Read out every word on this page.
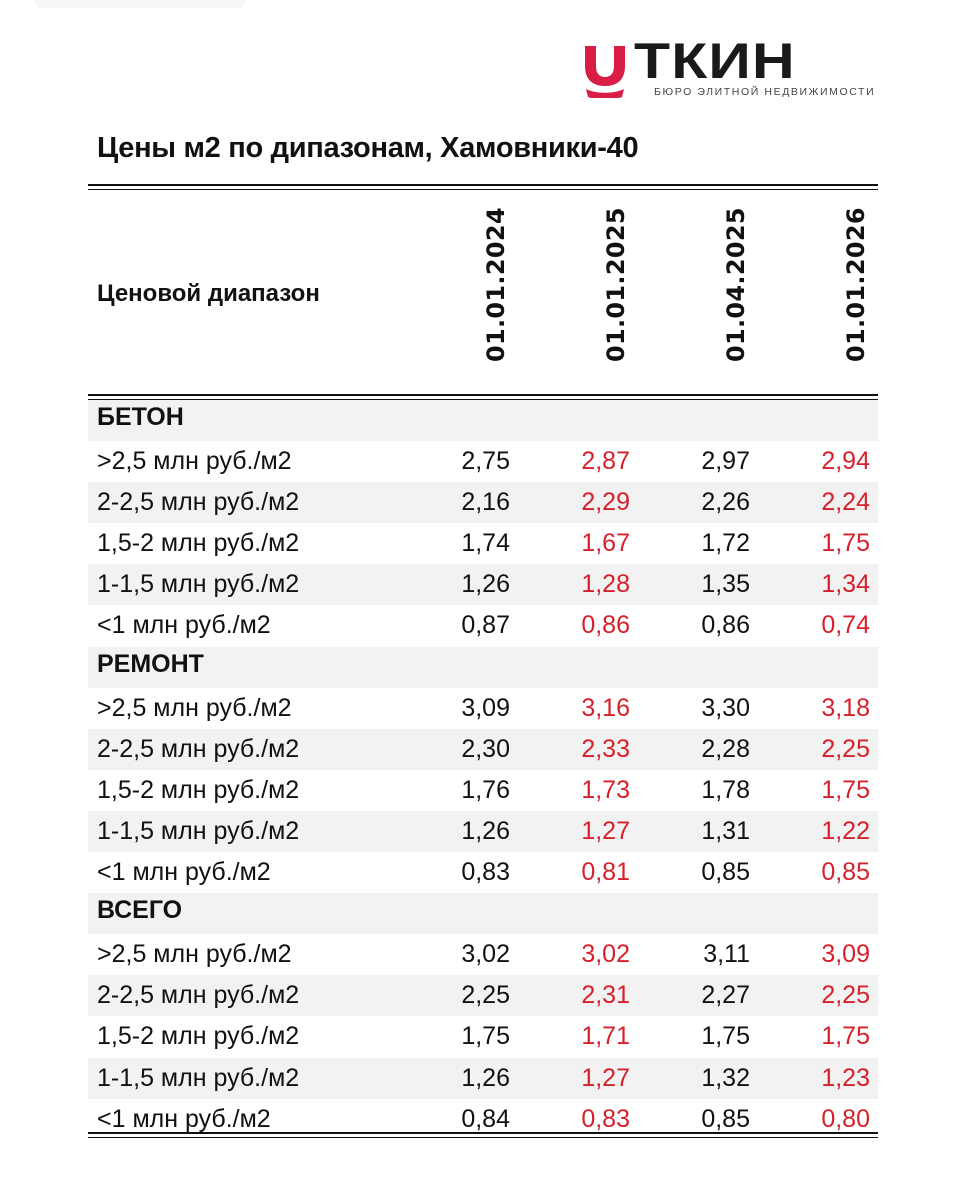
ТКИН
БЮРО ЭЛИТНОЙ НЕДВИЖИМОСТИ
Цены м2 по дипазонам, Хамовники-40
Ценовой диапазон	01.01.2024	01.01.2025	01.04.2025	01.01.2026
БЕТОН
>2,5 млн руб./м2	2,75	2,87	2,97	2,94
2-2,5 млн руб./м2	2,16	2,29	2,26	2,24
1,5-2 млн руб./м2	1,74	1,67	1,72	1,75
1-1,5 млн руб./м2	1,26	1,28	1,35	1,34
<1 млн руб./м2	0,87	0,86	0,86	0,74
РЕМОНТ
>2,5 млн руб./м2	3,09	3,16	3,30	3,18
2-2,5 млн руб./м2	2,30	2,33	2,28	2,25
1,5-2 млн руб./м2	1,76	1,73	1,78	1,75
1-1,5 млн руб./м2	1,26	1,27	1,31	1,22
<1 млн руб./м2	0,83	0,81	0,85	0,85
ВСЕГО
>2,5 млн руб./м2	3,02	3,02	3,11	3,09
2-2,5 млн руб./м2	2,25	2,31	2,27	2,25
1,5-2 млн руб./м2	1,75	1,71	1,75	1,75
1-1,5 млн руб./м2	1,26	1,27	1,32	1,23
<1 млн руб./м2	0,84	0,83	0,85	0,80
